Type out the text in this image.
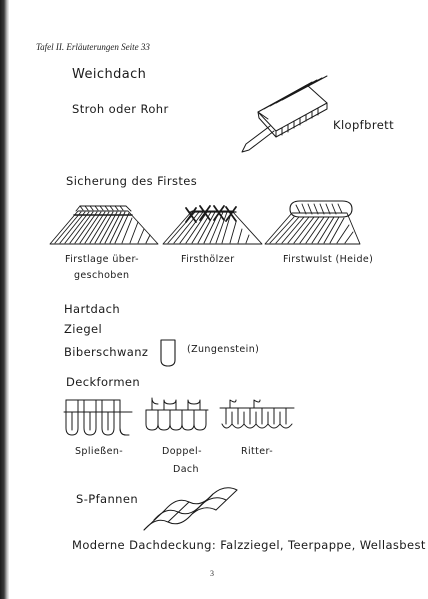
Tafel II. Erläuterungen Seite 33

Weichdach

Stroh oder Rohr

Klopfbrett

Sicherung des Firstes

Firstlage über-

geschoben

Firsthölzer	Firstwulst (Heide)

Hartdach

Ziegel

Biberschwanz	(Zungenstein)

Deckformen

Spließen-	Doppel-	Ritter-

Dach

S-Pfannen

Moderne Dachdeckung: Falzziegel, Teerpappe, Wellasbest

3
